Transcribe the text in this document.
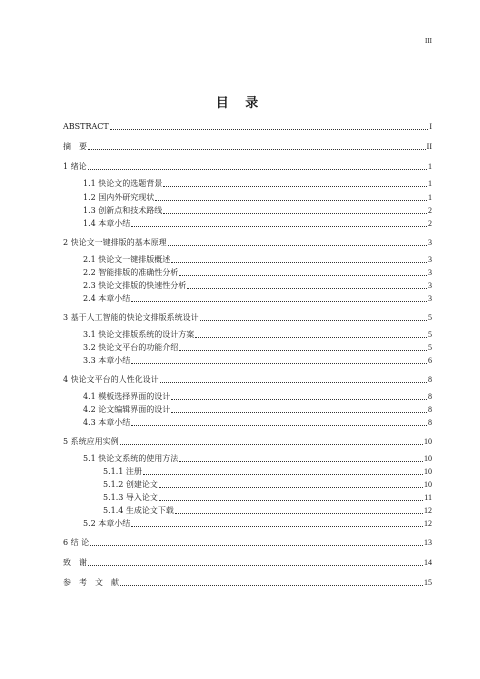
III
目 录
ABSTRACT	I
摘　要	II
1 绪论	1
1.1 快论文的选题背景	1
1.2 国内外研究现状	1
1.3 创新点和技术路线	2
1.4 本章小结	2
2 快论文一键排版的基本原理	3
2.1 快论文一键排版概述	3
2.2 智能排版的准确性分析	3
2.3 快论文排版的快速性分析	3
2.4 本章小结	3
3 基于人工智能的快论文排版系统设计	5
3.1 快论文排版系统的设计方案	5
3.2 快论文平台的功能介绍	5
3.3 本章小结	6
4 快论文平台的人性化设计	8
4.1 模板选择界面的设计	8
4.2 论文编辑界面的设计	8
4.3 本章小结	8
5 系统应用实例	10
5.1 快论文系统的使用方法	10
5.1.1 注册	10
5.1.2 创建论文	10
5.1.3 导入论文	11
5.1.4 生成论文下载	12
5.2 本章小结	12
6 结 论	13
致　谢	14
参　考　文　献	15
